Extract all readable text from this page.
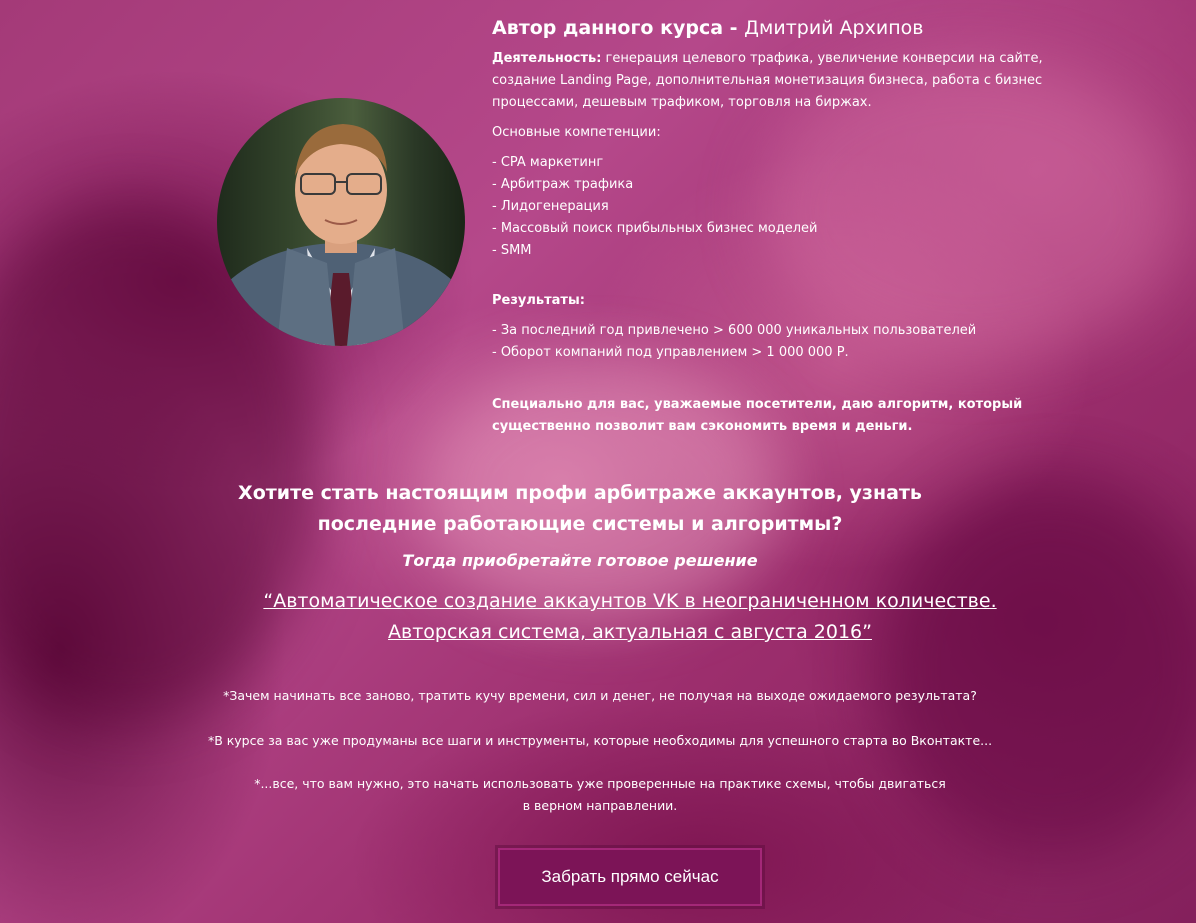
Автор данного курса - Дмитрий Архипов

Деятельность: генерация целевого трафика, увеличение конверсии на сайте, создание Landing Page, дополнительная монетизация бизнеса, работа с бизнес процессами, дешевым трафиком, торговля на биржах.

Основные компетенции:

- CPA маркетинг
- Арбитраж трафика
- Лидогенерация
- Массовый поиск прибыльных бизнес моделей
- SMM

Результаты:

- За последний год привлечено > 600 000 уникальных пользователей
- Оборот компаний под управлением > 1 000 000 Р.

Специально для вас, уважаемые посетители, даю алгоритм, который существенно позволит вам сэкономить время и деньги.

Хотите стать настоящим профи арбитраже аккаунтов, узнать последние работающие системы и алгоритмы?
Тогда приобретайте готовое решение
“Автоматическое создание аккаунтов VK в неограниченном количестве. Авторская система, актуальная с августа 2016”
*Зачем начинать все заново, тратить кучу времени, сил и денег, не получая на выходе ожидаемого результата?
*В курсе за вас уже продуманы все шаги и инструменты, которые необходимы для успешного старта во Вконтакте...
*...все, что вам нужно, это начать использовать уже проверенные на практике схемы, чтобы двигаться в верном направлении.
Забрать прямо сейчас
